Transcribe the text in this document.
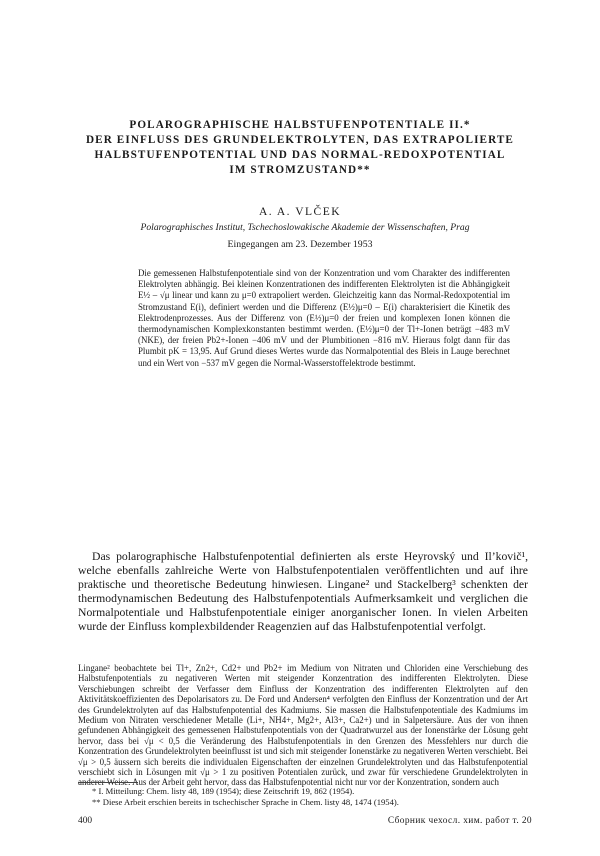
POLAROGRAPHISCHE HALBSTUFENPOTENTIALE II.*
DER EINFLUSS DES GRUNDELEKTROLYTEN, DAS EXTRAPOLIERTE
HALBSTUFENPOTENTIAL UND DAS NORMAL-REDOXPOTENTIAL
IM STROMZUSTAND**
A. A. VLČEK
Polarographisches Institut, Tschechoslowakische Akademie der Wissenschaften, Prag
Eingegangen am 23. Dezember 1953

Die gemessenen Halbstufenpotentiale sind von der Konzentration und vom Charakter des indifferenten Elektrolyten abhängig. Bei kleinen Konzentrationen des indifferenten Elektrolyten ist die Abhängigkeit E½ – √μ linear und kann zu μ=0 extrapoliert werden. Gleichzeitig kann das Normal-Redoxpotential im Stromzustand E(i), definiert werden und die Differenz (E½)μ=0 – E(i) charakterisiert die Kinetik des Elektrodenprozesses. Aus der Differenz von (E½)μ=0 der freien und komplexen Ionen können die thermodynamischen Komplexkonstanten bestimmt werden. (E½)μ=0 der Tl+-Ionen beträgt −483 mV (NKE), der freien Pb2+-Ionen −406 mV und der Plumbitionen −816 mV. Hieraus folgt dann für das Plumbit pK = 13,95. Auf Grund dieses Wertes wurde das Normalpotential des Bleis in Lauge berechnet und ein Wert von −537 mV gegen die Normal-Wasserstoffelektrode bestimmt.

Das polarographische Halbstufenpotential definierten als erste Heyrovský und Il’kovič¹, welche ebenfalls zahlreiche Werte von Halbstufenpotentialen veröffentlichten und auf ihre praktische und theoretische Bedeutung hinwiesen. Lingane² und Stackelberg³ schenkten der thermodynamischen Bedeutung des Halbstufenpotentials Aufmerksamkeit und verglichen die Normalpotentiale und Halbstufenpotentiale einiger anorganischer Ionen. In vielen Arbeiten wurde der Einfluss komplexbildender Reagenzien auf das Halbstufenpotential verfolgt.

Lingane² beobachtete bei Tl+, Zn2+, Cd2+ und Pb2+ im Medium von Nitraten und Chloriden eine Verschiebung des Halbstufenpotentials zu negativeren Werten mit steigender Konzentration des indifferenten Elektrolyten. Diese Verschiebungen schreibt der Verfasser dem Einfluss der Konzentration des indifferenten Elektrolyten auf den Aktivitätskoeffizienten des Depolarisators zu. De Ford und Andersen⁴ verfolgten den Einfluss der Konzentration und der Art des Grundelektrolyten auf das Halbstufenpotential des Kadmiums. Sie massen die Halbstufenpotentiale des Kadmiums im Medium von Nitraten verschiedener Metalle (Li+, NH4+, Mg2+, Al3+, Ca2+) und in Salpetersäure. Aus der von ihnen gefundenen Abhängigkeit des gemessenen Halbstufenpotentials von der Quadratwurzel aus der Ionenstärke der Lösung geht hervor, dass bei √μ < 0,5 die Veränderung des Halbstufenpotentials in den Grenzen des Messfehlers nur durch die Konzentration des Grundelektrolyten beeinflusst ist und sich mit steigender Ionenstärke zu negativeren Werten verschiebt. Bei √μ > 0,5 äussern sich bereits die individualen Eigenschaften der einzelnen Grundelektrolyten und das Halbstufenpotential verschiebt sich in Lösungen mit √μ > 1 zu positiven Potentialen zurück, und zwar für verschiedene Grundelektrolyten in anderer Weise. Aus der Arbeit geht hervor, dass das Halbstufenpotential nicht nur vor der Konzentration, sondern auch

* I. Mitteilung: Chem. listy 48, 189 (1954); diese Zeitschrift 19, 862 (1954).
** Diese Arbeit erschien bereits in tschechischer Sprache in Chem. listy 48, 1474 (1954).
400	Сборник чехосл. хим. работ т. 20
